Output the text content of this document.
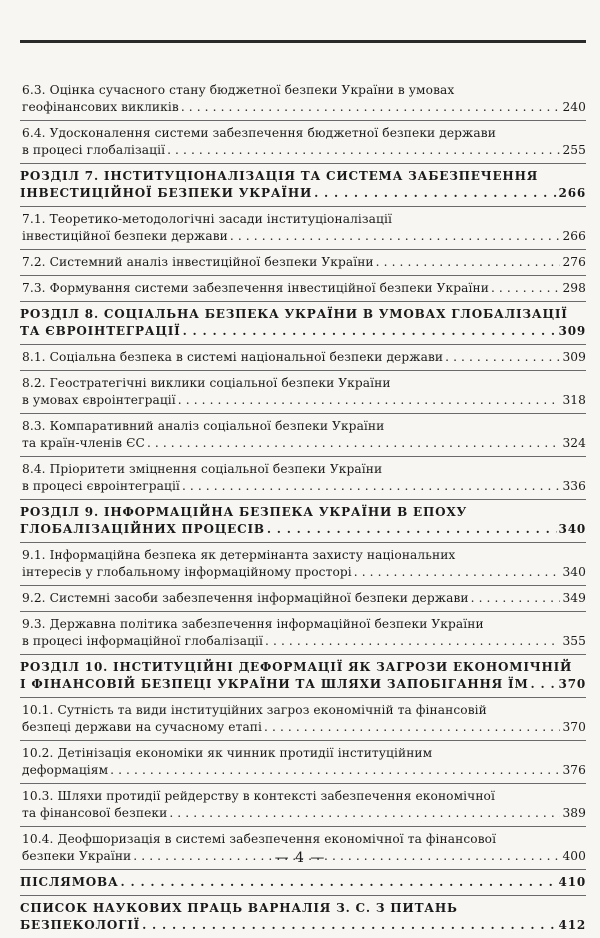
6.3. Оцінка сучасного стану бюджетної безпеки України в умовах
геофінансових викликів . . .	240
6.4. Удосконалення системи забезпечення бюджетної безпеки держави
в процесі глобалізації . . .	255
РОЗДІЛ 7. ІНСТИТУЦІОНАЛІЗАЦІЯ ТА СИСТЕМА ЗАБЕЗПЕЧЕННЯ
ІНВЕСТИЦІЙНОЇ БЕЗПЕКИ УКРАЇНИ . . .	266
7.1. Теоретико-методологічні засади інституціоналізації
інвестиційної безпеки держави . . .	266
7.2. Системний аналіз інвестиційної безпеки України . . .	276
7.3. Формування системи забезпечення інвестиційної безпеки України . . .	298
РОЗДІЛ 8. СОЦІАЛЬНА БЕЗПЕКА УКРАЇНИ В УМОВАХ ГЛОБАЛІЗАЦІЇ
ТА ЄВРОІНТЕГРАЦІЇ . . .	309
8.1. Соціальна безпека в системі національної безпеки держави . . .	309
8.2. Геостратегічні виклики соціальної безпеки України
в умовах євроінтеграції . . .	318
8.3. Компаративний аналіз соціальної безпеки України
та країн-членів ЄС . . .	324
8.4. Пріоритети зміцнення соціальної безпеки України
в процесі євроінтеграції . . .	336
РОЗДІЛ 9. ІНФОРМАЦІЙНА БЕЗПЕКА УКРАЇНИ В ЕПОХУ
ГЛОБАЛІЗАЦІЙНИХ ПРОЦЕСІВ . . .	340
9.1. Інформаційна безпека як детермінанта захисту національних
інтересів у глобальному інформаційному просторі . . .	340
9.2. Системні засоби забезпечення інформаційної безпеки держави . . .	349
9.3. Державна політика забезпечення інформаційної безпеки України
в процесі інформаційної глобалізації . . .	355
РОЗДІЛ 10. ІНСТИТУЦІЙНІ ДЕФОРМАЦІЇ ЯК ЗАГРОЗИ ЕКОНОМІЧНІЙ
І ФІНАНСОВІЙ БЕЗПЕЦІ УКРАЇНИ ТА ШЛЯХИ ЗАПОБІГАННЯ ЇМ . . .	370
10.1. Сутність та види інституційних загроз економічній та фінансовій
безпеці держави на сучасному етапі . . .	370
10.2. Детінізація економіки як чинник протидії інституційним
деформаціям . . .	376
10.3. Шляхи протидії рейдерству в контексті забезпечення економічної
та фінансової безпеки . . .	389
10.4. Деофшоризація в системі забезпечення економічної та фінансової
безпеки України . . .	400
ПІСЛЯМОВА . . .	410
СПИСОК НАУКОВИХ ПРАЦЬ ВАРНАЛІЯ З. С. З ПИТАНЬ
БЕЗПЕКОЛОГІЇ . . .	412
— 4 —
